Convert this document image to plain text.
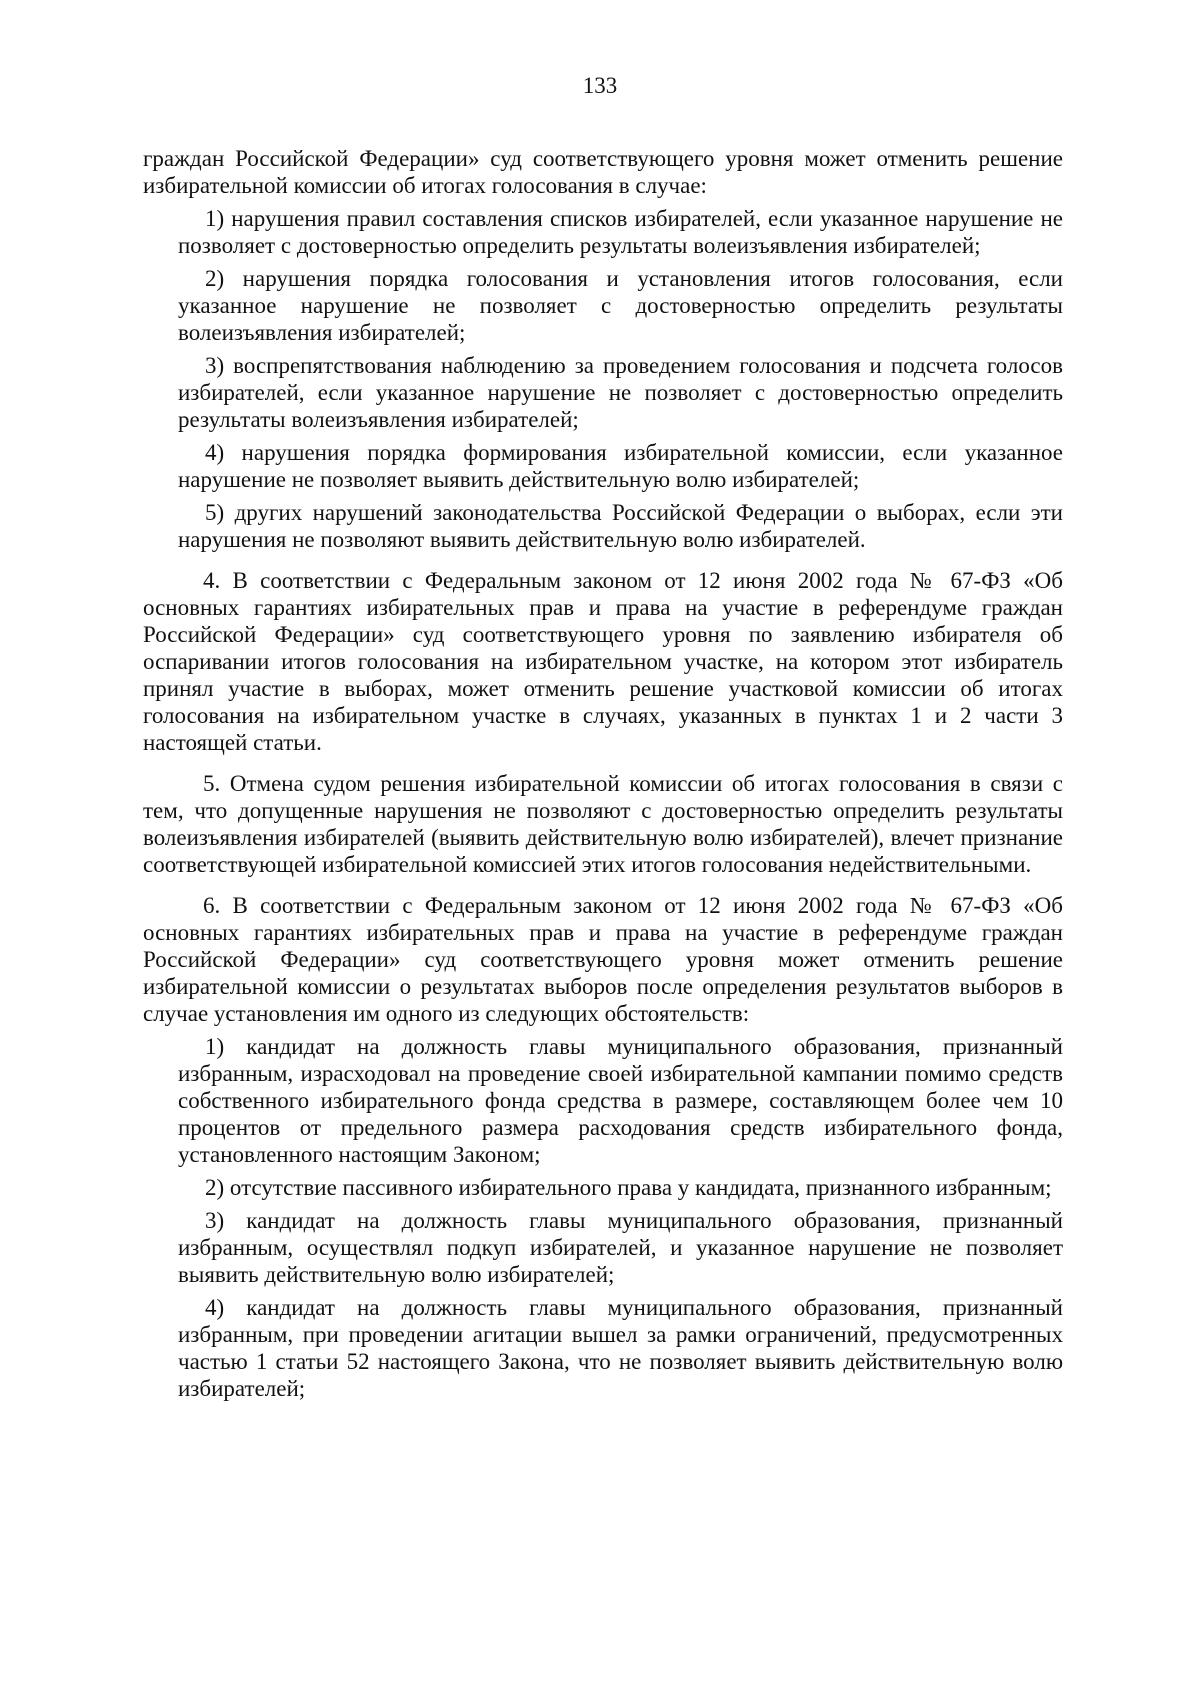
133

граждан Российской Федерации» суд соответствующего уровня может отменить решение избирательной комиссии об итогах голосования в случае:

1) нарушения правил составления списков избирателей, если указанное нарушение не позволяет с достоверностью определить результаты волеизъявления избирателей;

2) нарушения порядка голосования и установления итогов голосования, если указанное нарушение не позволяет с достоверностью определить результаты волеизъявления избирателей;

3) воспрепятствования наблюдению за проведением голосования и подсчета голосов избирателей, если указанное нарушение не позволяет с достоверностью определить результаты волеизъявления избирателей;

4) нарушения порядка формирования избирательной комиссии, если указанное нарушение не позволяет выявить действительную волю избирателей;

5) других нарушений законодательства Российской Федерации о выборах, если эти нарушения не позволяют выявить действительную волю избирателей.

4. В соответствии с Федеральным законом от 12 июня 2002 года № 67-ФЗ «Об основных гарантиях избирательных прав и права на участие в референдуме граждан Российской Федерации» суд соответствующего уровня по заявлению избирателя об оспаривании итогов голосования на избирательном участке, на котором этот избиратель принял участие в выборах, может отменить решение участковой комиссии об итогах голосования на избирательном участке в случаях, указанных в пунктах 1 и 2 части 3 настоящей статьи.

5. Отмена судом решения избирательной комиссии об итогах голосования в связи с тем, что допущенные нарушения не позволяют с достоверностью определить результаты волеизъявления избирателей (выявить действительную волю избирателей), влечет признание соответствующей избирательной комиссией этих итогов голосования недействительными.

6. В соответствии с Федеральным законом от 12 июня 2002 года № 67-ФЗ «Об основных гарантиях избирательных прав и права на участие в референдуме граждан Российской Федерации» суд соответствующего уровня может отменить решение избирательной комиссии о результатах выборов после определения результатов выборов в случае установления им одного из следующих обстоятельств:

1) кандидат на должность главы муниципального образования, признанный избранным, израсходовал на проведение своей избирательной кампании помимо средств собственного избирательного фонда средства в размере, составляющем более чем 10 процентов от предельного размера расходования средств избирательного фонда, установленного настоящим Законом;

2) отсутствие пассивного избирательного права у кандидата, признанного избранным;

3) кандидат на должность главы муниципального образования, признанный избранным, осуществлял подкуп избирателей, и указанное нарушение не позволяет выявить действительную волю избирателей;

4) кандидат на должность главы муниципального образования, признанный избранным, при проведении агитации вышел за рамки ограничений, предусмотренных частью 1 статьи 52 настоящего Закона, что не позволяет выявить действительную волю избирателей;
